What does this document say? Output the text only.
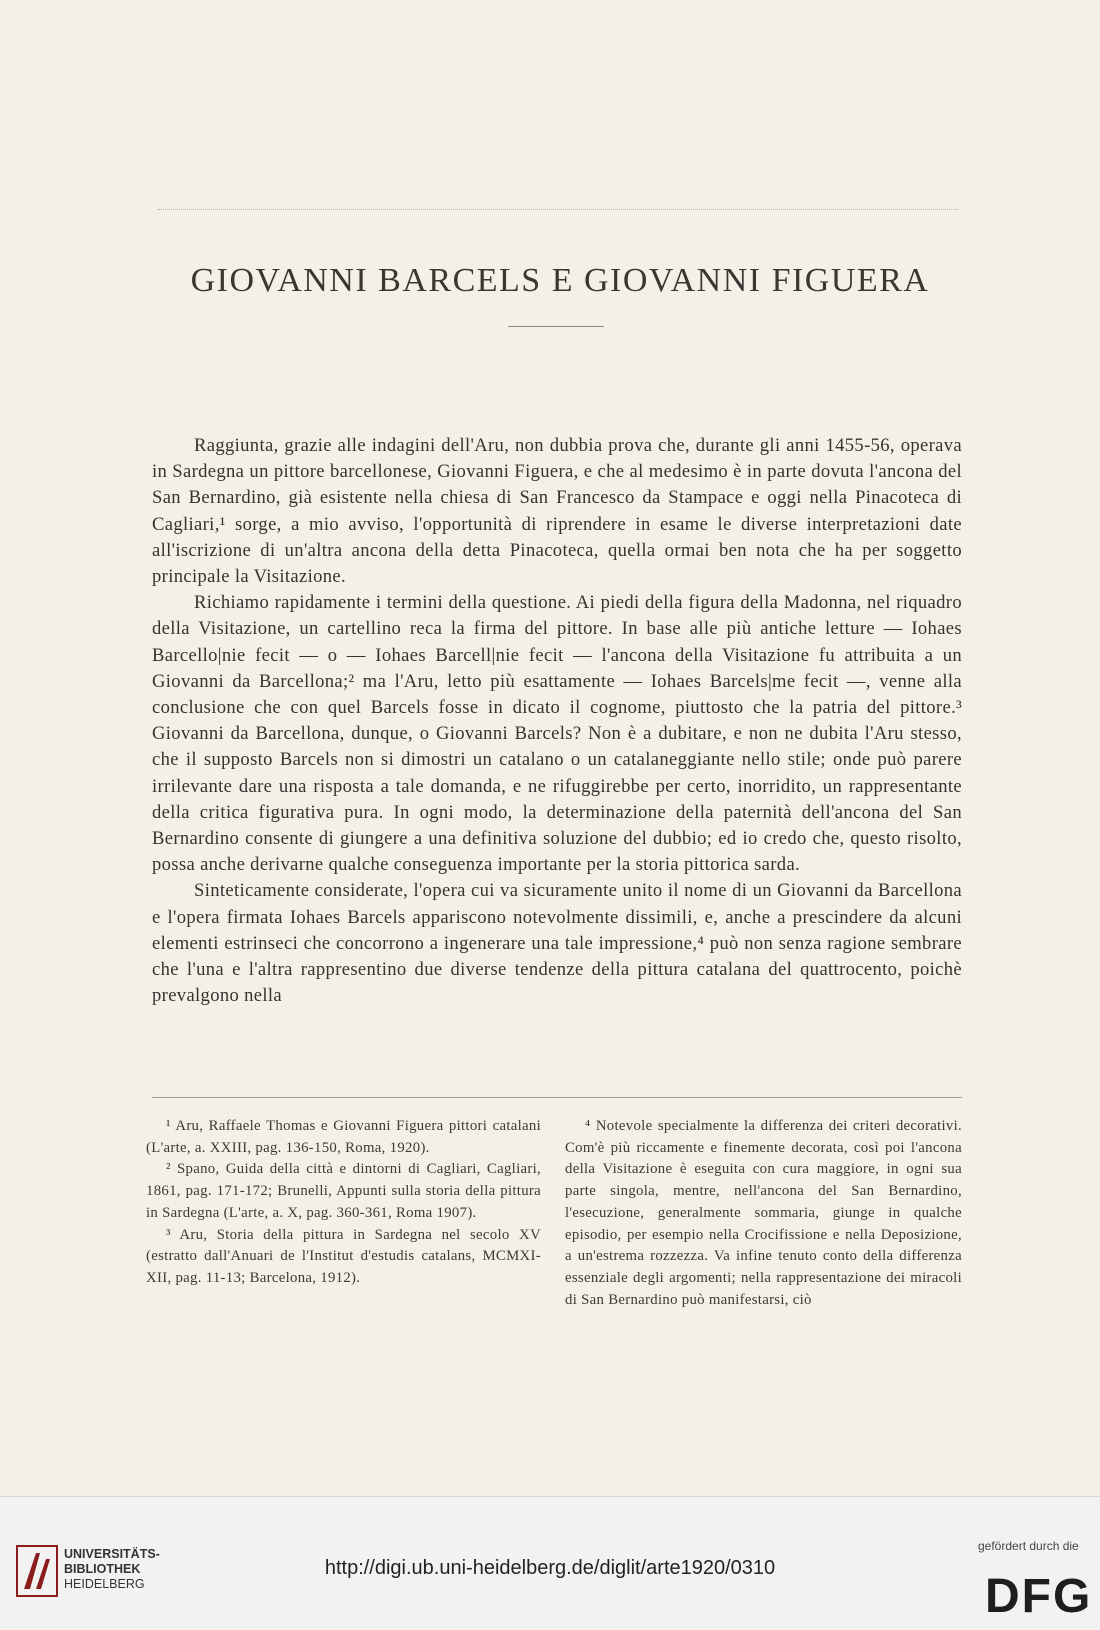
GIOVANNI BARCELS E GIOVANNI FIGUERA

Raggiunta, grazie alle indagini dell'Aru, non dubbia prova che, durante gli anni 1455-56, operava in Sardegna un pittore barcellonese, Giovanni Figuera, e che al medesimo è in parte dovuta l'ancona del San Bernardino, già esistente nella chiesa di San Francesco da Stampace e oggi nella Pinacoteca di Cagliari,¹ sorge, a mio avviso, l'opportunità di riprendere in esame le diverse interpretazioni date all'iscrizione di un'altra ancona della detta Pinacoteca, quella ormai ben nota che ha per soggetto principale la Visitazione.

Richiamo rapidamente i termini della questione. Ai piedi della figura della Madonna, nel riquadro della Visitazione, un cartellino reca la firma del pittore. In base alle più antiche letture — Iohaes Barcello|nie fecit — o — Iohaes Barcell|nie fecit — l'ancona della Visitazione fu attribuita a un Giovanni da Barcellona;² ma l'Aru, letto più esattamente — Iohaes Barcels|me fecit —, venne alla conclusione che con quel Barcels fosse in dicato il cognome, piuttosto che la patria del pittore.³ Giovanni da Barcellona, dunque, o Giovanni Barcels? Non è a dubitare, e non ne dubita l'Aru stesso, che il supposto Barcels non si dimostri un catalano o un catalaneggiante nello stile; onde può parere irrilevante dare una risposta a tale domanda, e ne rifuggirebbe per certo, inorridito, un rappresentante della critica figurativa pura. In ogni modo, la determinazione della paternità dell'ancona del San Bernardino consente di giungere a una definitiva soluzione del dubbio; ed io credo che, questo risolto, possa anche derivarne qualche conseguenza importante per la storia pittorica sarda.

Sinteticamente considerate, l'opera cui va sicuramente unito il nome di un Giovanni da Barcellona e l'opera firmata Iohaes Barcels appariscono notevolmente dissimili, e, anche a prescindere da alcuni elementi estrinseci che concorrono a ingenerare una tale impressione,⁴ può non senza ragione sembrare che l'una e l'altra rappresentino due diverse tendenze della pittura catalana del quattrocento, poichè prevalgono nella

¹ Aru, Raffaele Thomas e Giovanni Figuera pittori catalani (L'arte, a. XXIII, pag. 136-150, Roma, 1920).

² Spano, Guida della città e dintorni di Cagliari, Cagliari, 1861, pag. 171-172; Brunelli, Appunti sulla storia della pittura in Sardegna (L'arte, a. X, pag. 360-361, Roma 1907).

³ Aru, Storia della pittura in Sardegna nel secolo XV (estratto dall'Anuari de l'Institut d'estudis catalans, MCMXI-XII, pag. 11-13; Barcelona, 1912).

⁴ Notevole specialmente la differenza dei criteri decorativi. Com'è più riccamente e finemente decorata, così poi l'ancona della Visitazione è eseguita con cura maggiore, in ogni sua parte singola, mentre, nell'ancona del San Bernardino, l'esecuzione, generalmente sommaria, giunge in qualche episodio, per esempio nella Crocifissione e nella Deposizione, a un'estrema rozzezza. Va infine tenuto conto della differenza essenziale degli argomenti; nella rappresentazione dei miracoli di San Bernardino può manifestarsi, ciò

UNIVERSITÄTS-
BIBLIOTHEK
HEIDELBERG
http://digi.ub.uni-heidelberg.de/diglit/arte1920/0310
gefördert durch die
DFG
